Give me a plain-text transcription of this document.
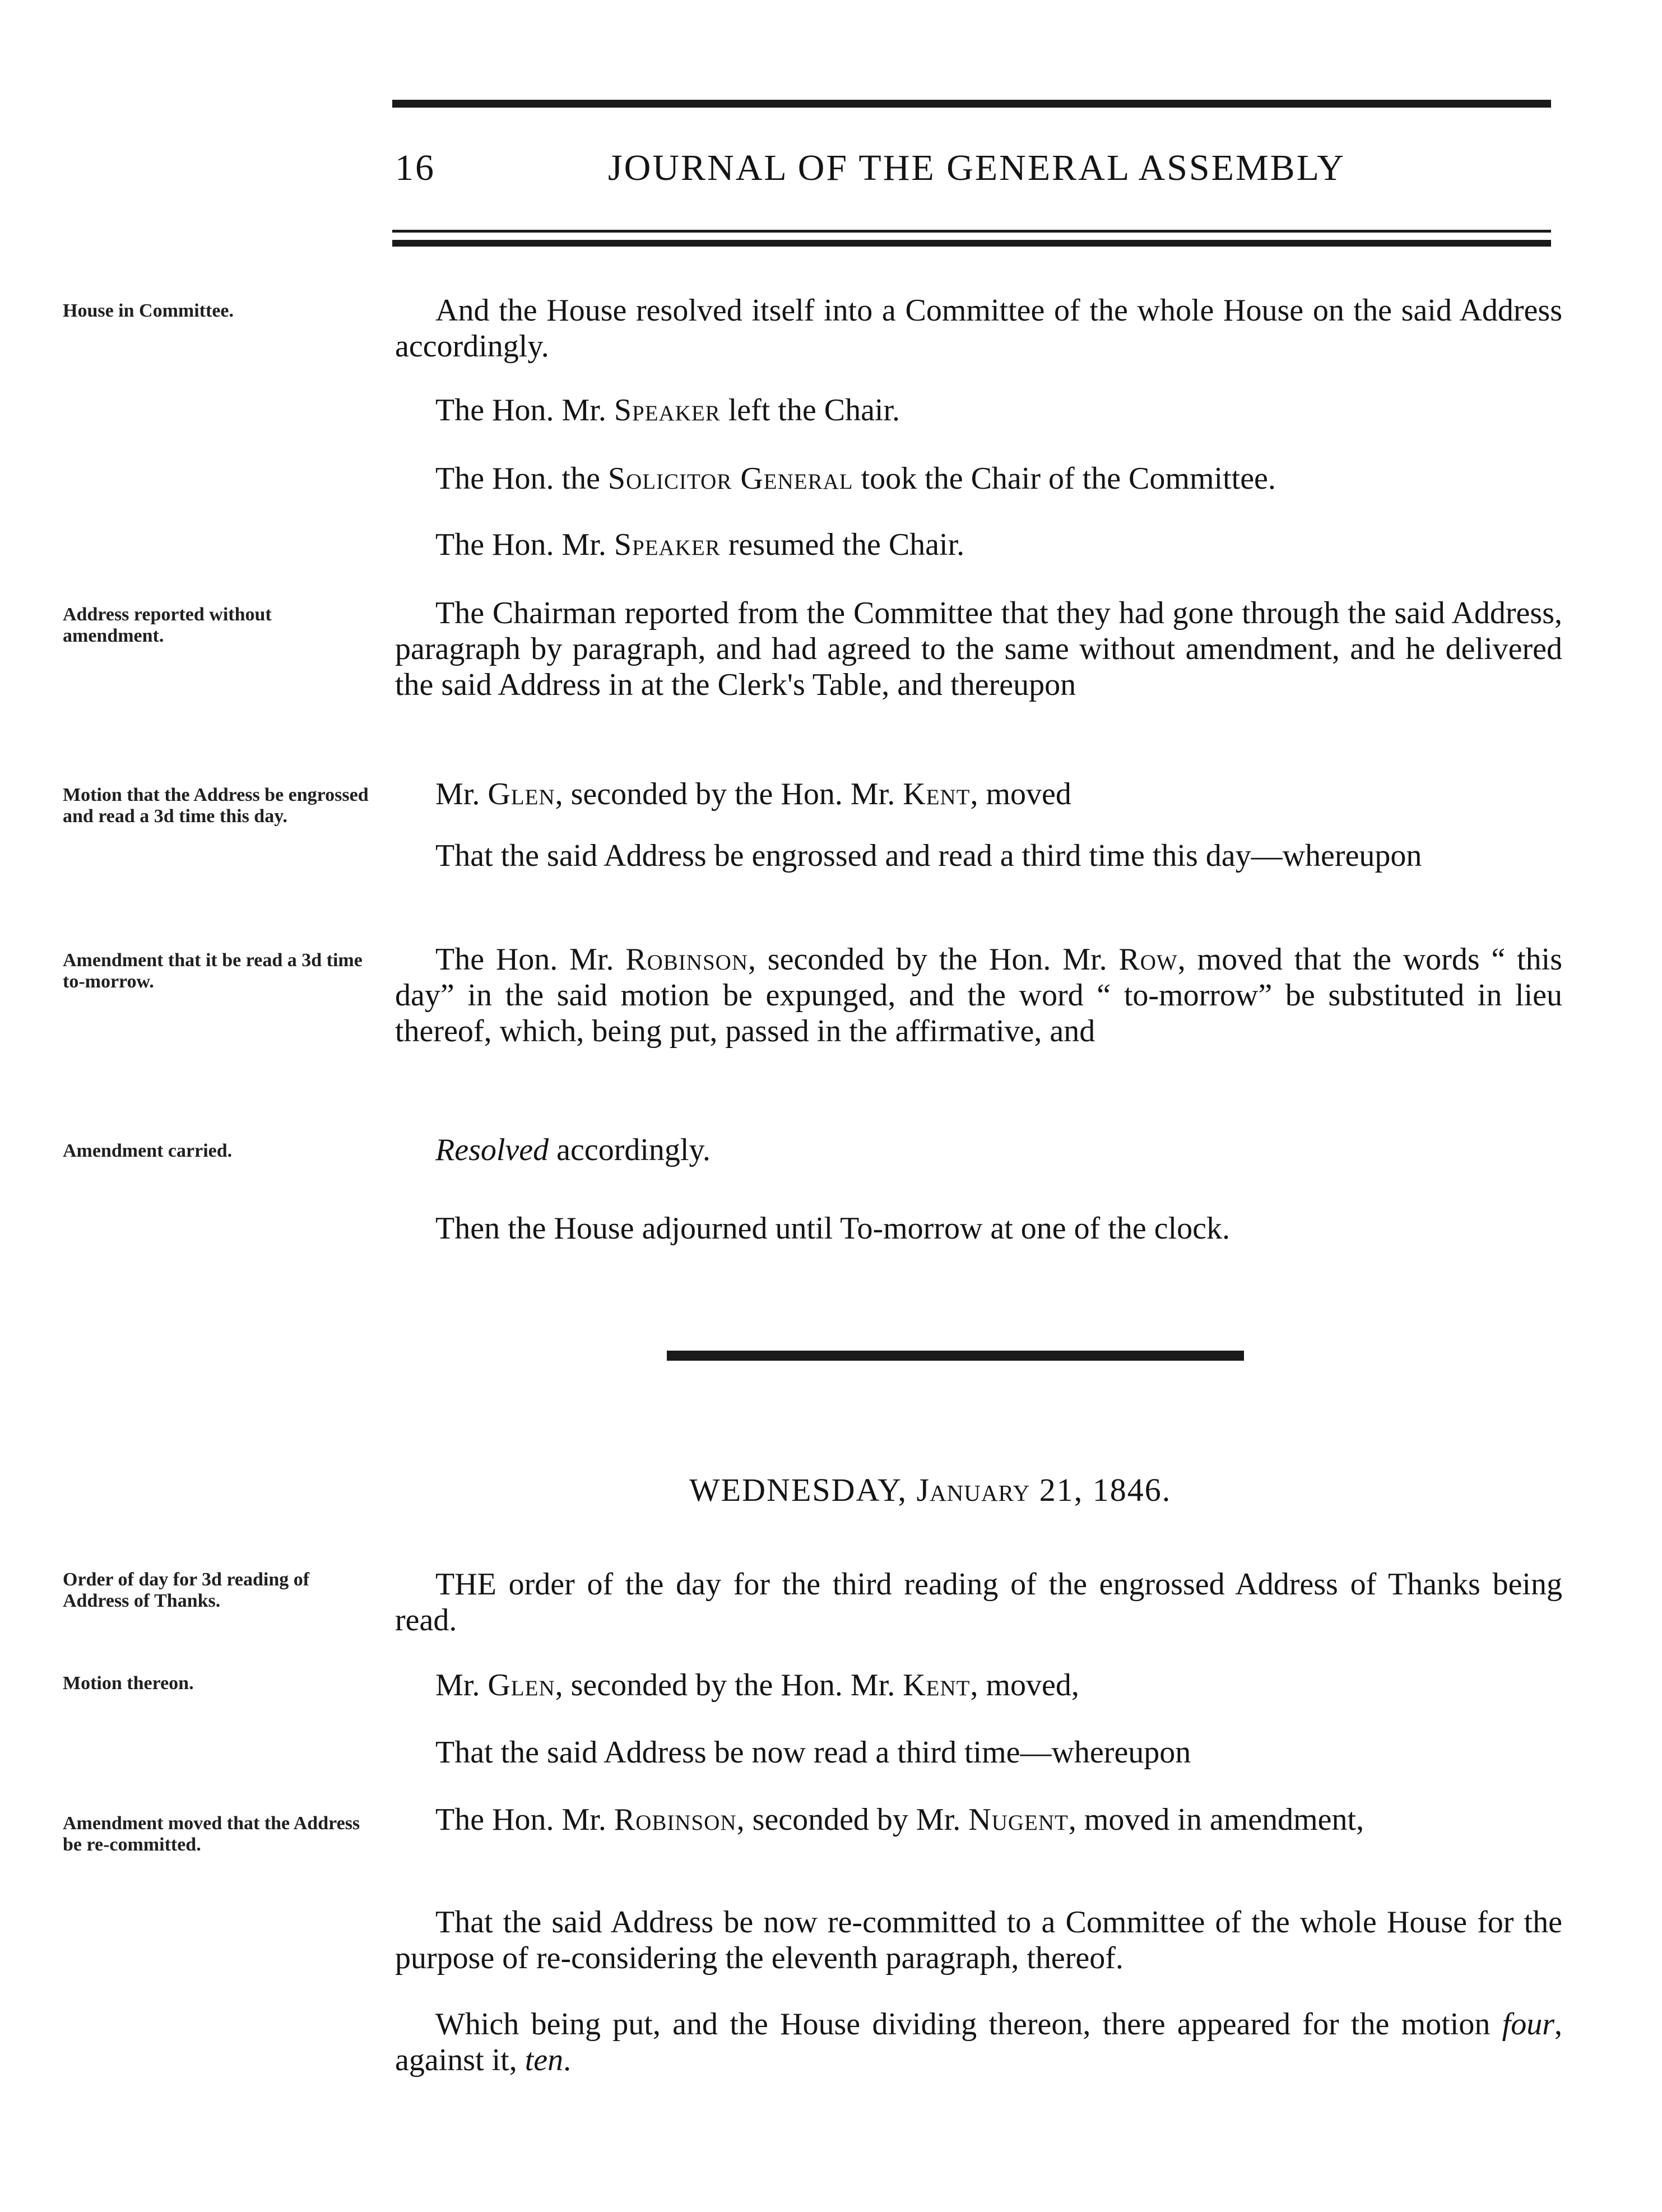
16	JOURNAL OF THE GENERAL ASSEMBLY
House in Committee.
Address reported without amendment.
Motion that the Address be engrossed and read a 3d time this day.
Amendment that it be read a 3d time to-morrow.
Amendment carried.
Order of day for 3d reading of Address of Thanks.
Motion thereon.
Amendment moved that the Address be re-committed.
And the House resolved itself into a Committee of the whole House on the said Address accordingly.
The Hon. Mr. Speaker left the Chair.
The Hon. the Solicitor General took the Chair of the Committee.
The Hon. Mr. Speaker resumed the Chair.
The Chairman reported from the Committee that they had gone through the said Address, paragraph by paragraph, and had agreed to the same without amendment, and he delivered the said Address in at the Clerk's Table, and thereupon
Mr. Glen, seconded by the Hon. Mr. Kent, moved
That the said Address be engrossed and read a third time this day—whereupon
The Hon. Mr. Robinson, seconded by the Hon. Mr. Row, moved that the words “ this day” in the said motion be expunged, and the word “ to-morrow” be substituted in lieu thereof, which, being put, passed in the affirmative, and
Resolved accordingly.
Then the House adjourned until To-morrow at one of the clock.
WEDNESDAY, January 21, 1846.
THE order of the day for the third reading of the engrossed Address of Thanks being read.
Mr. Glen, seconded by the Hon. Mr. Kent, moved,
That the said Address be now read a third time—whereupon
The Hon. Mr. Robinson, seconded by Mr. Nugent, moved in amendment,
That the said Address be now re-committed to a Committee of the whole House for the purpose of re-considering the eleventh paragraph, thereof.
Which being put, and the House dividing thereon, there appeared for the motion four, against it, ten.
